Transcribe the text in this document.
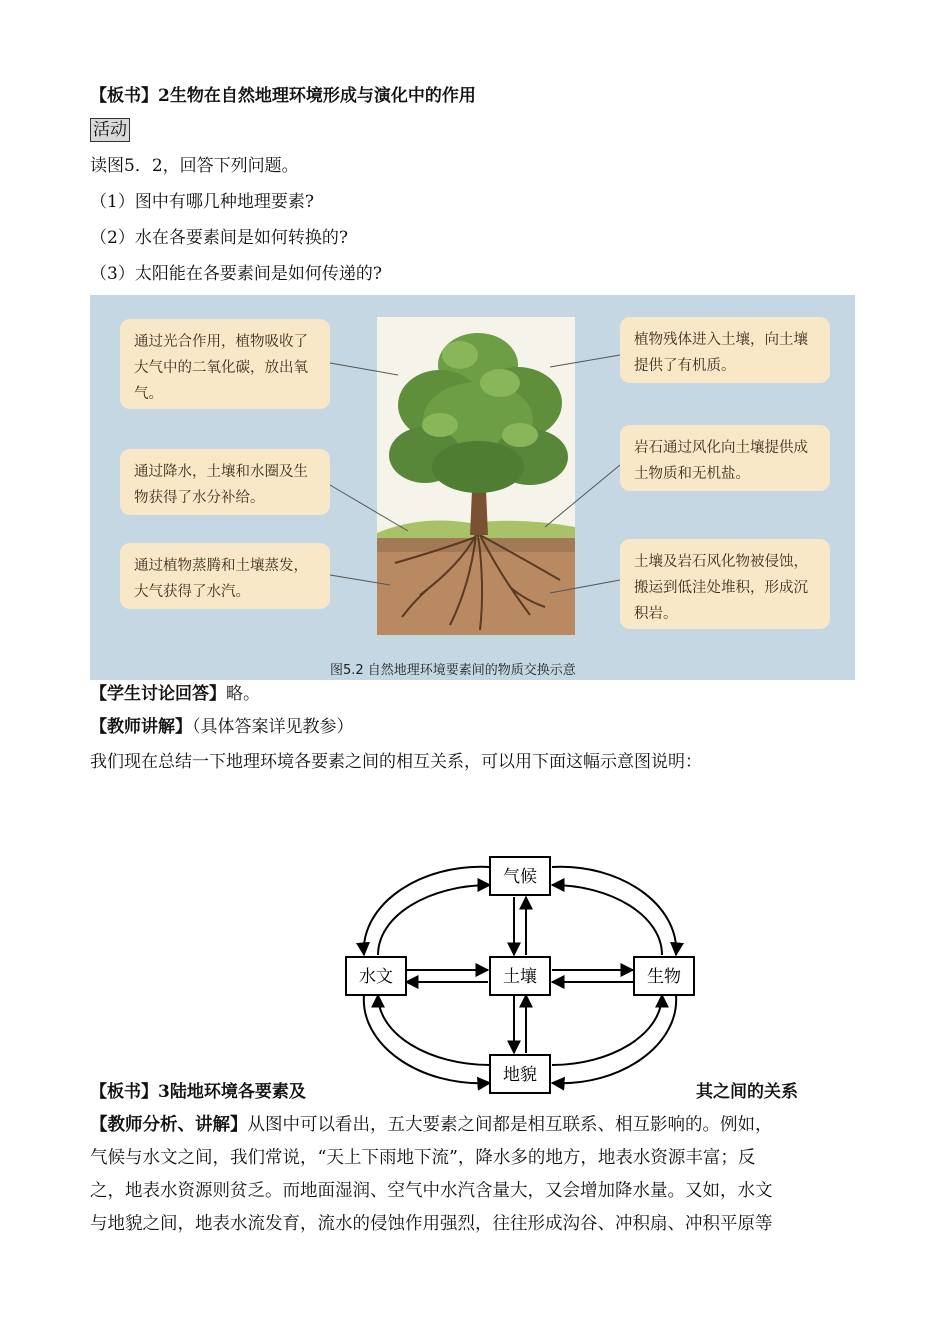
【板书】2生物在自然地理环境形成与演化中的作用
活动
读图5．2，回答下列问题。
（1）图中有哪几种地理要素?
（2）水在各要素间是如何转换的?
（3）太阳能在各要素间是如何传递的?
通过光合作用，植物吸收了大气中的二氧化碳，放出氧气。
通过降水，土壤和水圈及生物获得了水分补给。
通过植物蒸腾和土壤蒸发，大气获得了水汽。
植物残体进入土壤，向土壤提供了有机质。
岩石通过风化向土壤提供成土物质和无机盐。
土壤及岩石风化物被侵蚀，搬运到低洼处堆积，形成沉积岩。
图5.2 自然地理环境要素间的物质交换示意
【学生讨论回答】略。
【教师讲解】（具体答案详见教参）
我们现在总结一下地理环境各要素之间的相互关系，可以用下面这幅示意图说明：
气候
水文	土壤	生物
地貌
【板书】3陆地环境各要素及	其之间的关系
【教师分析、讲解】从图中可以看出，五大要素之间都是相互联系、相互影响的。例如，
气候与水文之间，我们常说，“天上下雨地下流”，降水多的地方，地表水资源丰富；反
之，地表水资源则贫乏。而地面湿润、空气中水汽含量大，又会增加降水量。又如，水文
与地貌之间，地表水流发育，流水的侵蚀作用强烈，往往形成沟谷、冲积扇、冲积平原等
